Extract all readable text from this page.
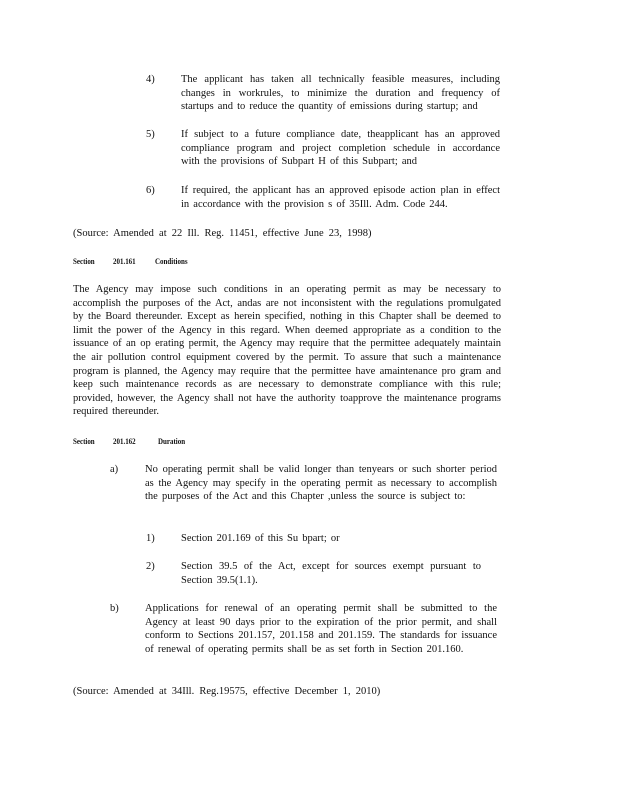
4)	The applicant has taken all technically feasible measures, including changes in workrules, to minimize the duration and frequency of startups and to reduce the quantity of emissions during startup; and
5)	If subject to a future compliance date, theapplicant has an approved compliance program and project completion schedule in accordance with the provisions of Subpart H of this Subpart; and
6)	If required, the applicant has an approved episode action plan in effect in accordance with the provision s of 35Ill. Adm. Code 244.
(Source: Amended at 22 Ill. Reg. 11451, effective June 23, 1998)
Section 201.161 Conditions
The Agency may impose such conditions in an operating permit as may be necessary to accomplish the purposes of the Act, andas are not inconsistent with the regulations promulgated by the Board thereunder. Except as herein specified, nothing in this Chapter shall be deemed to limit the power of the Agency in this regard. When deemed appropriate as a condition to the issuance of an op erating permit, the Agency may require that the permittee adequately maintain the air pollution control equipment covered by the permit. To assure that such a maintenance program is planned, the Agency may require that the permittee have amaintenance pro gram and keep such maintenance records as are necessary to demonstrate compliance with this rule; provided, however, the Agency shall not have the authority toapprove the maintenance programs required thereunder.
Section 201.162	Duration
a)	No operating permit shall be valid longer than tenyears or such shorter period as the Agency may specify in the operating permit as necessary to accomplish the purposes of the Act and this Chapter ,unless the source is subject to:
1)	Section 201.169 of this Su bpart; or
2)	Section 39.5 of the Act, except for sources exempt pursuant to Section 39.5(1.1).
b)	Applications for renewal of an operating permit shall be submitted to the Agency at least 90 days prior to the expiration of the prior permit, and shall conform to Sections 201.157, 201.158 and 201.159. The standards for issuance of renewal of operating permits shall be as set forth in Section 201.160.
(Source: Amended at 34Ill. Reg.19575, effective December 1, 2010)
